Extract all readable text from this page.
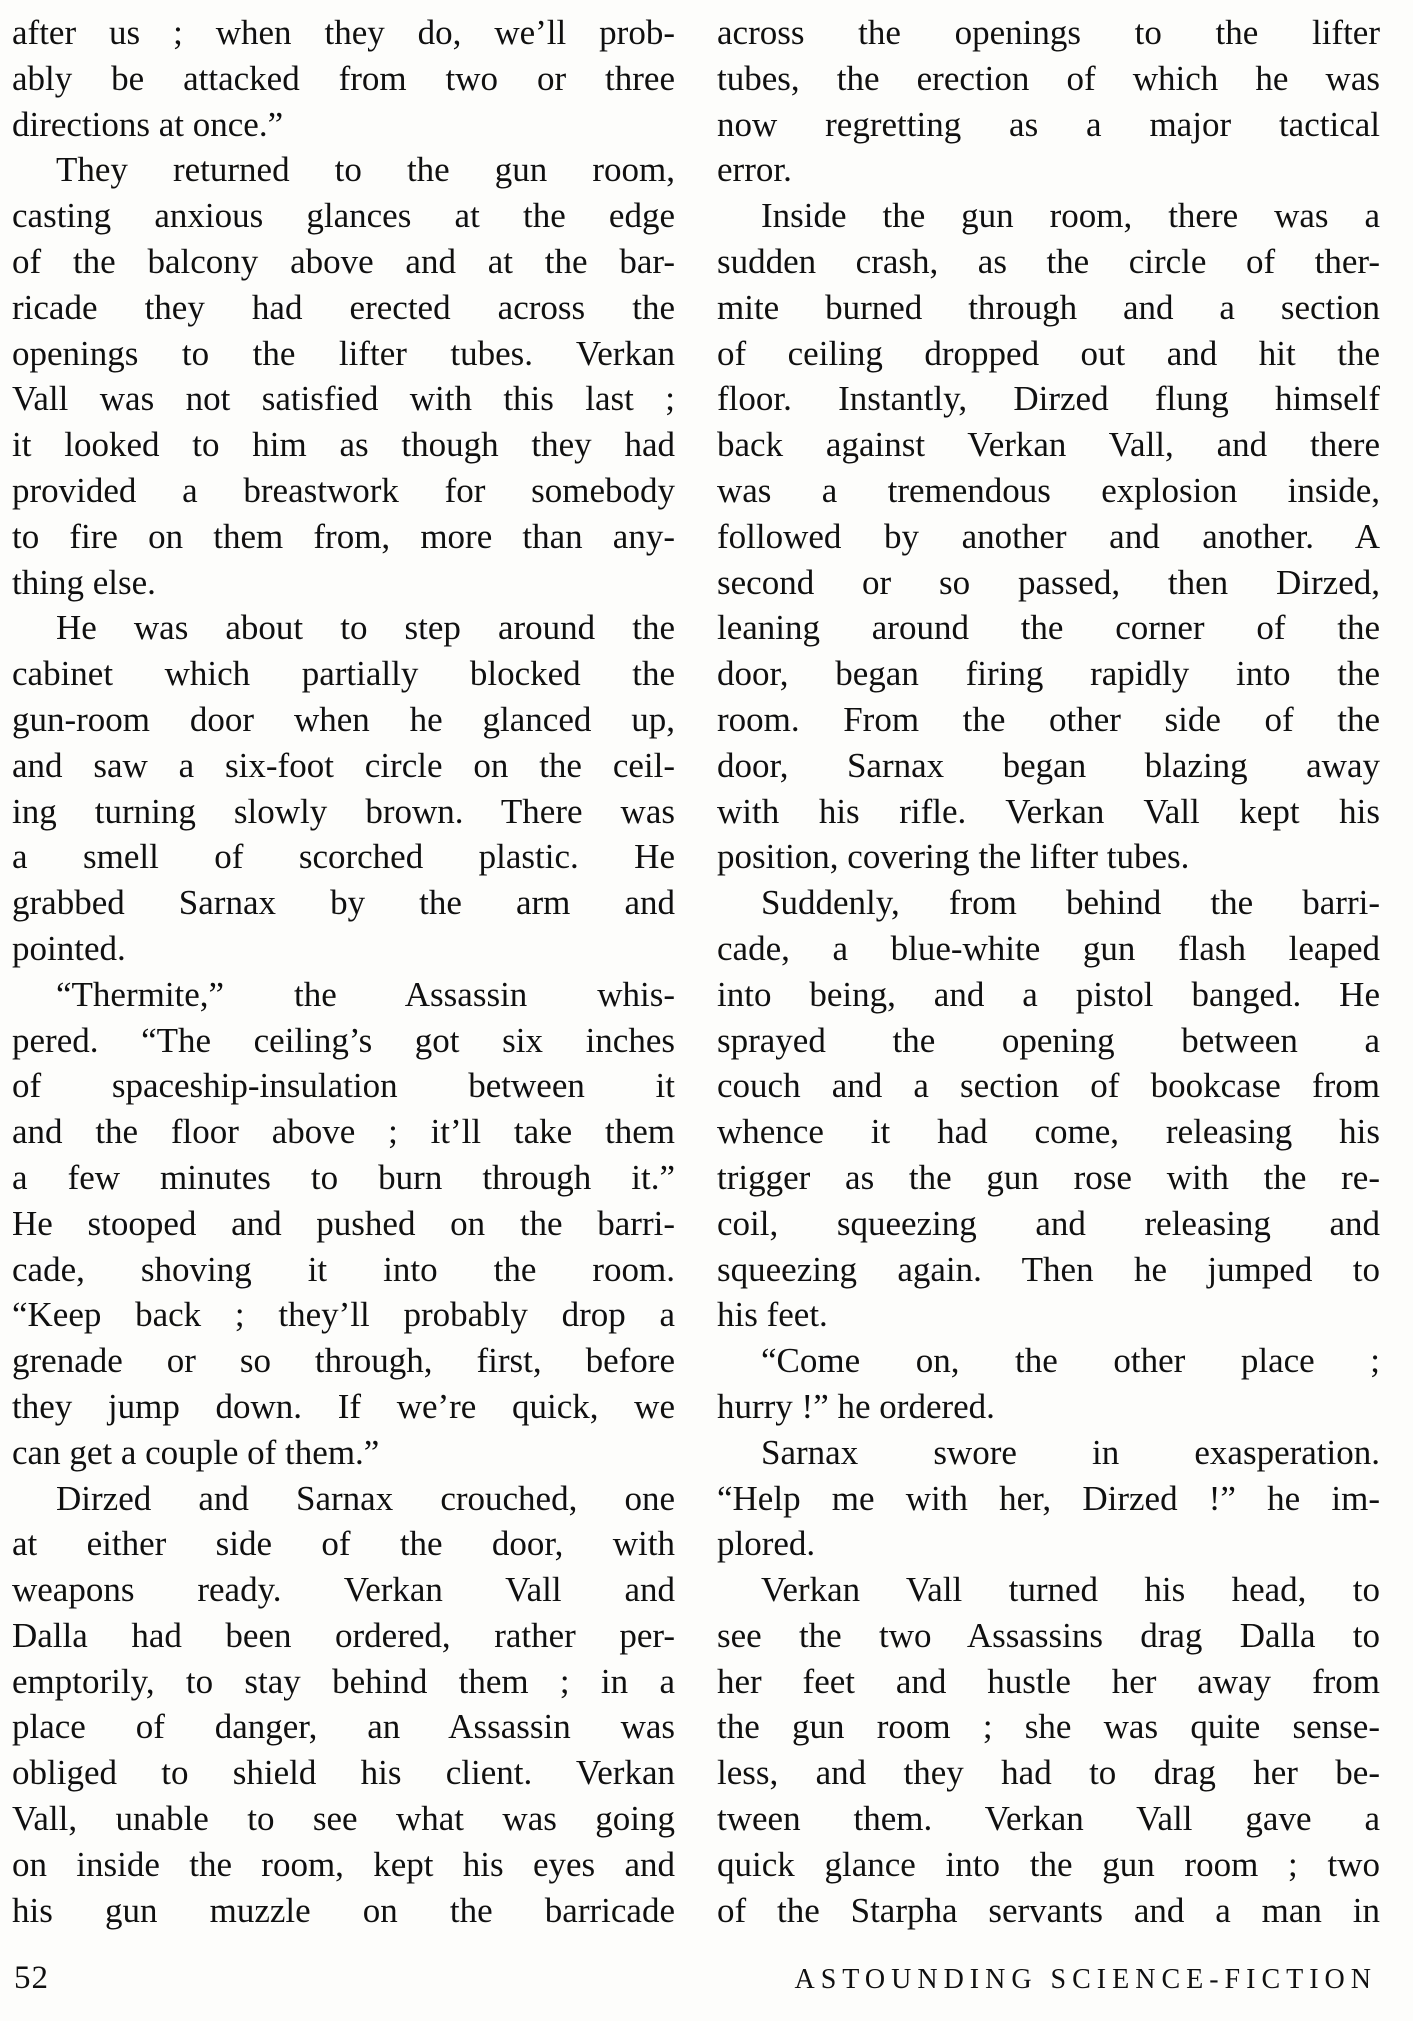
after us ; when they do, we’ll prob-
ably be attacked from two or three
directions at once.”
They returned to the gun room,
casting anxious glances at the edge
of the balcony above and at the bar-
ricade they had erected across the
openings to the lifter tubes. Verkan
Vall was not satisfied with this last ;
it looked to him as though they had
provided a breastwork for somebody
to fire on them from, more than any-
thing else.
He was about to step around the
cabinet which partially blocked the
gun-room door when he glanced up,
and saw a six-foot circle on the ceil-
ing turning slowly brown. There was
a smell of scorched plastic. He
grabbed Sarnax by the arm and
pointed.
“Thermite,” the Assassin whis-
pered. “The ceiling’s got six inches
of spaceship-insulation between it
and the floor above ; it’ll take them
a few minutes to burn through it.”
He stooped and pushed on the barri-
cade, shoving it into the room.
“Keep back ; they’ll probably drop a
grenade or so through, first, before
they jump down. If we’re quick, we
can get a couple of them.”
Dirzed and Sarnax crouched, one
at either side of the door, with
weapons ready. Verkan Vall and
Dalla had been ordered, rather per-
emptorily, to stay behind them ; in a
place of danger, an Assassin was
obliged to shield his client. Verkan
Vall, unable to see what was going
on inside the room, kept his eyes and
his gun muzzle on the barricade
across the openings to the lifter
tubes, the erection of which he was
now regretting as a major tactical
error.
Inside the gun room, there was a
sudden crash, as the circle of ther-
mite burned through and a section
of ceiling dropped out and hit the
floor. Instantly, Dirzed flung himself
back against Verkan Vall, and there
was a tremendous explosion inside,
followed by another and another. A
second or so passed, then Dirzed,
leaning around the corner of the
door, began firing rapidly into the
room. From the other side of the
door, Sarnax began blazing away
with his rifle. Verkan Vall kept his
position, covering the lifter tubes.
Suddenly, from behind the barri-
cade, a blue-white gun flash leaped
into being, and a pistol banged. He
sprayed the opening between a
couch and a section of bookcase from
whence it had come, releasing his
trigger as the gun rose with the re-
coil, squeezing and releasing and
squeezing again. Then he jumped to
his feet.
“Come on, the other place ;
hurry !” he ordered.
Sarnax swore in exasperation.
“Help me with her, Dirzed !” he im-
plored.
Verkan Vall turned his head, to
see the two Assassins drag Dalla to
her feet and hustle her away from
the gun room ; she was quite sense-
less, and they had to drag her be-
tween them. Verkan Vall gave a
quick glance into the gun room ; two
of the Starpha servants and a man in
52	ASTOUNDING SCIENCE-FICTION
